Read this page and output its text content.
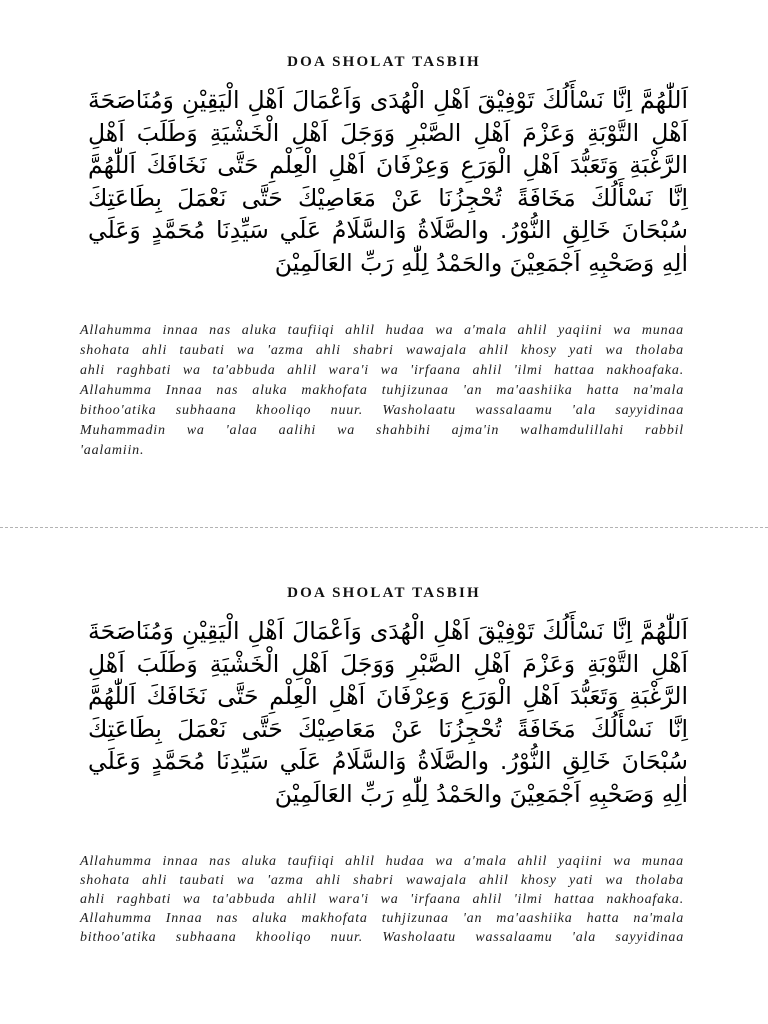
DOA SHOLAT TASBIH
اَللّٰهُمَّ اِنَّا نَسْأَلُكَ تَوْفِيْقَ اَهْلِ الْهُدَى وَاَعْمَالَ اَهْلِ الْيَقِيْنِ وَمُنَاصَحَةَ
اَهْلِ التَّوْبَةِ وَعَزْمَ اَهْلِ الصَّبْرِ وَوَجَلَ اَهْلِ الْخَشْيَةِ وَطَلَبَ اَهْلِ
الرَّغْبَةِ وَتَعَبُّدَ اَهْلِ الْوَرَعِ وَعِرْفَانَ اَهْلِ الْعِلْمِ حَتَّى نَخَافَكَ اَللّٰهُمَّ
اِنَّا نَسْأَلُكَ مَخَافَةً تُحْجِزُنَا عَنْ مَعَاصِيْكَ حَتَّى نَعْمَلَ بِطَاعَتِكَ
سُبْحَانَ خَالِقِ النُّوْرُ. والصَّلَاةُ وَالسَّلَامُ عَلَي سَيِّدِنَا مُحَمَّدٍ وَعَلَي
اٰلِهِ وَصَحْبِهِ اَجْمَعِيْنَ والحَمْدُ لِلّٰهِ رَبِّ العَالَمِيْنَ
Allahumma innaa nas aluka taufiiqi ahlil hudaa wa a'mala ahlil yaqiini wa munaa
shohata ahli taubati wa 'azma ahli shabri wawajala ahlil khosy yati wa tholaba
ahli raghbati wa ta'abbuda ahlil wara'i wa 'irfaana ahlil 'ilmi hattaa nakhoafaka.
Allahumma Innaa nas aluka makhofata tuhjizunaa 'an ma'aashiika hatta na'mala
bithoo'atika subhaana khooliqo nuur. Washolaatu wassalaamu 'ala sayyidinaa
Muhammadin wa 'alaa aalihi wa shahbihi ajma'in walhamdulillahi rabbil
'aalamiin.
DOA SHOLAT TASBIH
اَللّٰهُمَّ اِنَّا نَسْأَلُكَ تَوْفِيْقَ اَهْلِ الْهُدَى وَاَعْمَالَ اَهْلِ الْيَقِيْنِ وَمُنَاصَحَةَ
اَهْلِ التَّوْبَةِ وَعَزْمَ اَهْلِ الصَّبْرِ وَوَجَلَ اَهْلِ الْخَشْيَةِ وَطَلَبَ اَهْلِ
الرَّغْبَةِ وَتَعَبُّدَ اَهْلِ الْوَرَعِ وَعِرْفَانَ اَهْلِ الْعِلْمِ حَتَّى نَخَافَكَ اَللّٰهُمَّ
اِنَّا نَسْأَلُكَ مَخَافَةً تُحْجِزُنَا عَنْ مَعَاصِيْكَ حَتَّى نَعْمَلَ بِطَاعَتِكَ
سُبْحَانَ خَالِقِ النُّوْرُ. والصَّلَاةُ وَالسَّلَامُ عَلَي سَيِّدِنَا مُحَمَّدٍ وَعَلَي
اٰلِهِ وَصَحْبِهِ اَجْمَعِيْنَ والحَمْدُ لِلّٰهِ رَبِّ العَالَمِيْنَ
Allahumma innaa nas aluka taufiiqi ahlil hudaa wa a'mala ahlil yaqiini wa munaa
shohata ahli taubati wa 'azma ahli shabri wawajala ahlil khosy yati wa tholaba
ahli raghbati wa ta'abbuda ahlil wara'i wa 'irfaana ahlil 'ilmi hattaa nakhoafaka.
Allahumma Innaa nas aluka makhofata tuhjizunaa 'an ma'aashiika hatta na'mala
bithoo'atika subhaana khooliqo nuur. Washolaatu wassalaamu 'ala sayyidinaa
